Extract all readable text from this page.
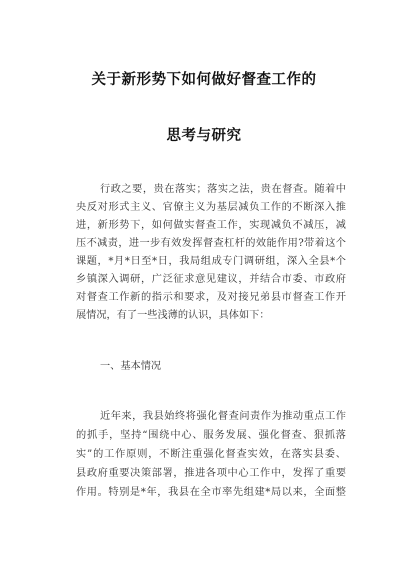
关于新形势下如何做好督查工作的
思考与研究
行政之要，贵在落实；落实之法，贵在督查。随着中
央反对形式主义、官僚主义为基层减负工作的不断深入推
进，新形势下，如何做实督查工作，实现减负不减压，减
压不减责，进一步有效发挥督查杠杆的效能作用?带着这个
课题，*月*日至*日，我局组成专门调研组，深入全县*个
乡镇深入调研，广泛征求意见建议，并结合市委、市政府
对督查工作新的指示和要求，及对接兄弟县市督查工作开
展情况，有了一些浅薄的认识，具体如下：
一、基本情况
近年来，我县始终将强化督查问责作为推动重点工作
的抓手，坚持“围绕中心、服务发展、强化督查、狠抓落
实”的工作原则，不断注重强化督查实效，在落实县委、
县政府重要决策部署，推进各项中心工作中，发挥了重要
作用。特别是*年，我县在全市率先组建*局以来，全面整
